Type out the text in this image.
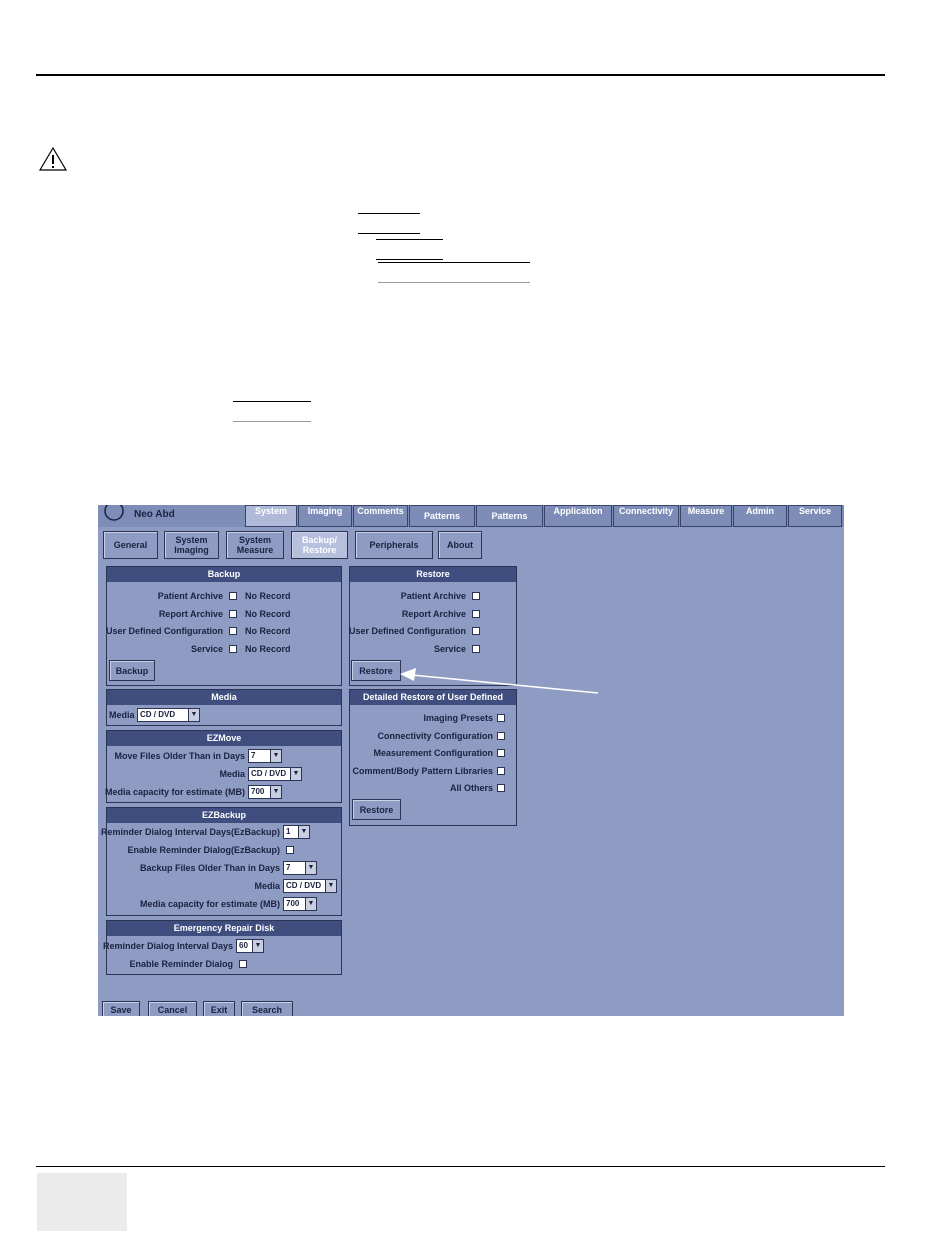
Neo Abd	System	Imaging	Comments	Patterns	Patterns	Application	Connectivity	Measure	Admin	Service
General	System
Imaging
System
Measure
Backup/
Restore	Peripherals	About
Backup
Patient Archive No Record
Report Archive No Record
User Defined Configuration No Record
Service No Record
Backup
Restore
Patient Archive
Report Archive
User Defined Configuration
Service
Restore
Media
Media CD / DVD	▼
EZMove
Move Files Older Than in Days 7	▼
Media CD / DVD ▼
Media capacity for estimate (MB) 700	▼
EZBackup
Reminder Dialog Interval Days(EzBackup) 1	▼
Enable Reminder Dialog(EzBackup)
Backup Files Older Than in Days 7	▼
Media CD / DVD ▼
Media capacity for estimate (MB) 700	▼
Emergency Repair Disk
Reminder Dialog Interval Days 60 ▼
Enable Reminder Dialog
Detailed Restore of User Defined
Imaging Presets
Connectivity Configuration
Measurement Configuration
Comment/Body Pattern Libraries
All Others
Restore
Save	Cancel	Exit	Search
